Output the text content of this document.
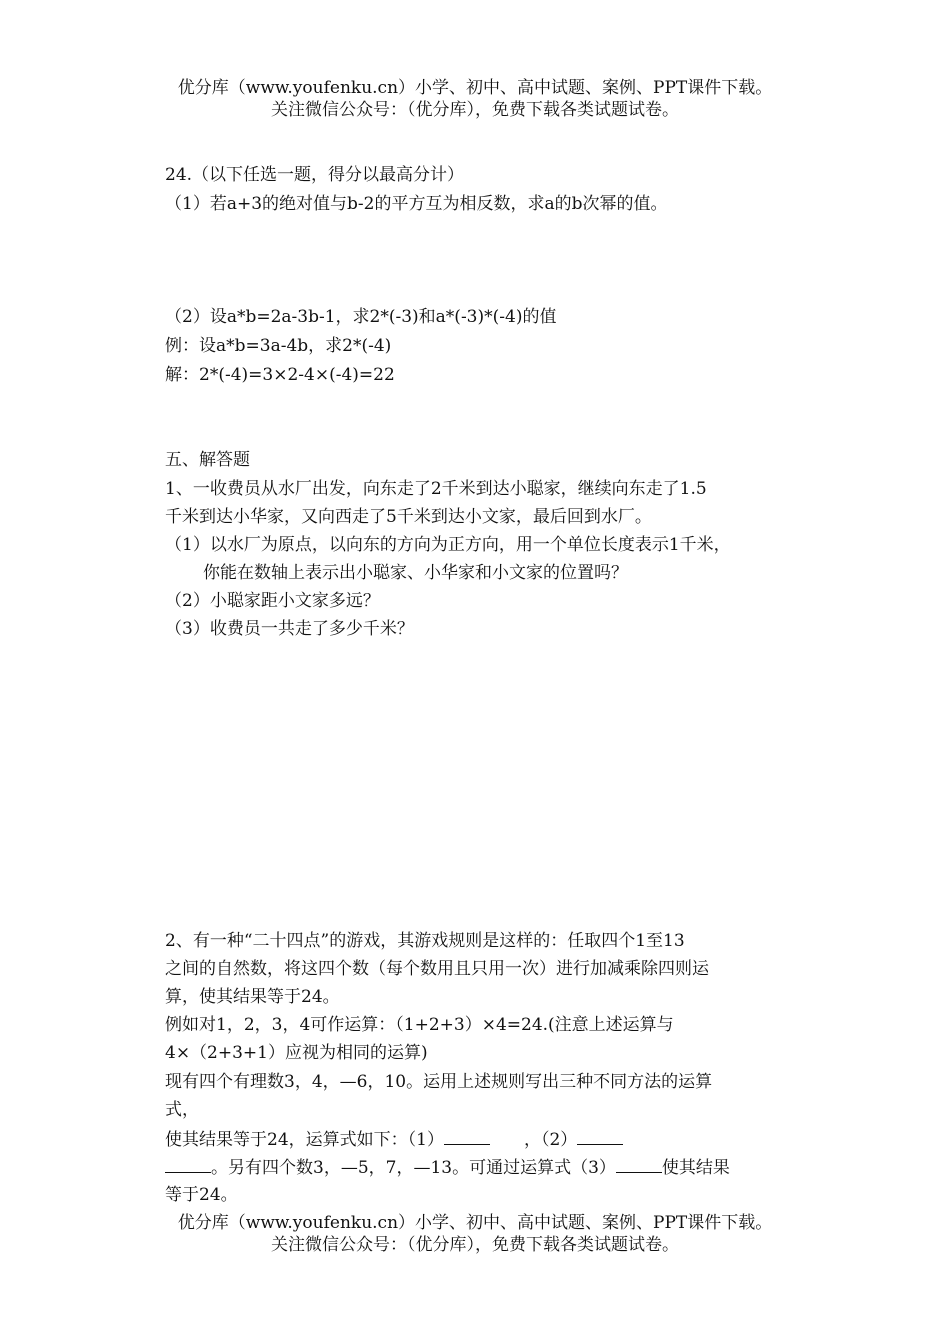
优分库（www.youfenku.cn）小学、初中、高中试题、案例、PPT课件下载。
关注微信公众号：（优分库），免费下载各类试题试卷。
24.（以下任选一题，得分以最高分计）
（1）若a+3的绝对值与b-2的平方互为相反数，求a的b次幂的值。
（2）设a*b=2a-3b-1，求2*(-3)和a*(-3)*(-4)的值
例：设a*b=3a-4b，求2*(-4)
解：2*(-4)=3×2-4×(-4)=22
五、解答题
1、一收费员从水厂出发，向东走了2千米到达小聪家，继续向东走了1.5
千米到达小华家，又向西走了5千米到达小文家，最后回到水厂。
（1）以水厂为原点，以向东的方向为正方向，用一个单位长度表示1千米，
你能在数轴上表示出小聪家、小华家和小文家的位置吗？
（2）小聪家距小文家多远？
（3）收费员一共走了多少千米？
2、有一种“二十四点”的游戏，其游戏规则是这样的：任取四个1至13
之间的自然数，将这四个数（每个数用且只用一次）进行加减乘除四则运
算，使其结果等于24。
例如对1，2，3，4可作运算：（1+2+3）×4=24.(注意上述运算与
4×（2+3+1）应视为相同的运算)
现有四个有理数3，4，—6，10。运用上述规则写出三种不同方法的运算
式，
使其结果等于24，运算式如下：（1）	，（2）
。另有四个数3，—5，7，—13。可通过运算式（3）	使其结果
等于24。
优分库（www.youfenku.cn）小学、初中、高中试题、案例、PPT课件下载。
关注微信公众号：（优分库），免费下载各类试题试卷。
